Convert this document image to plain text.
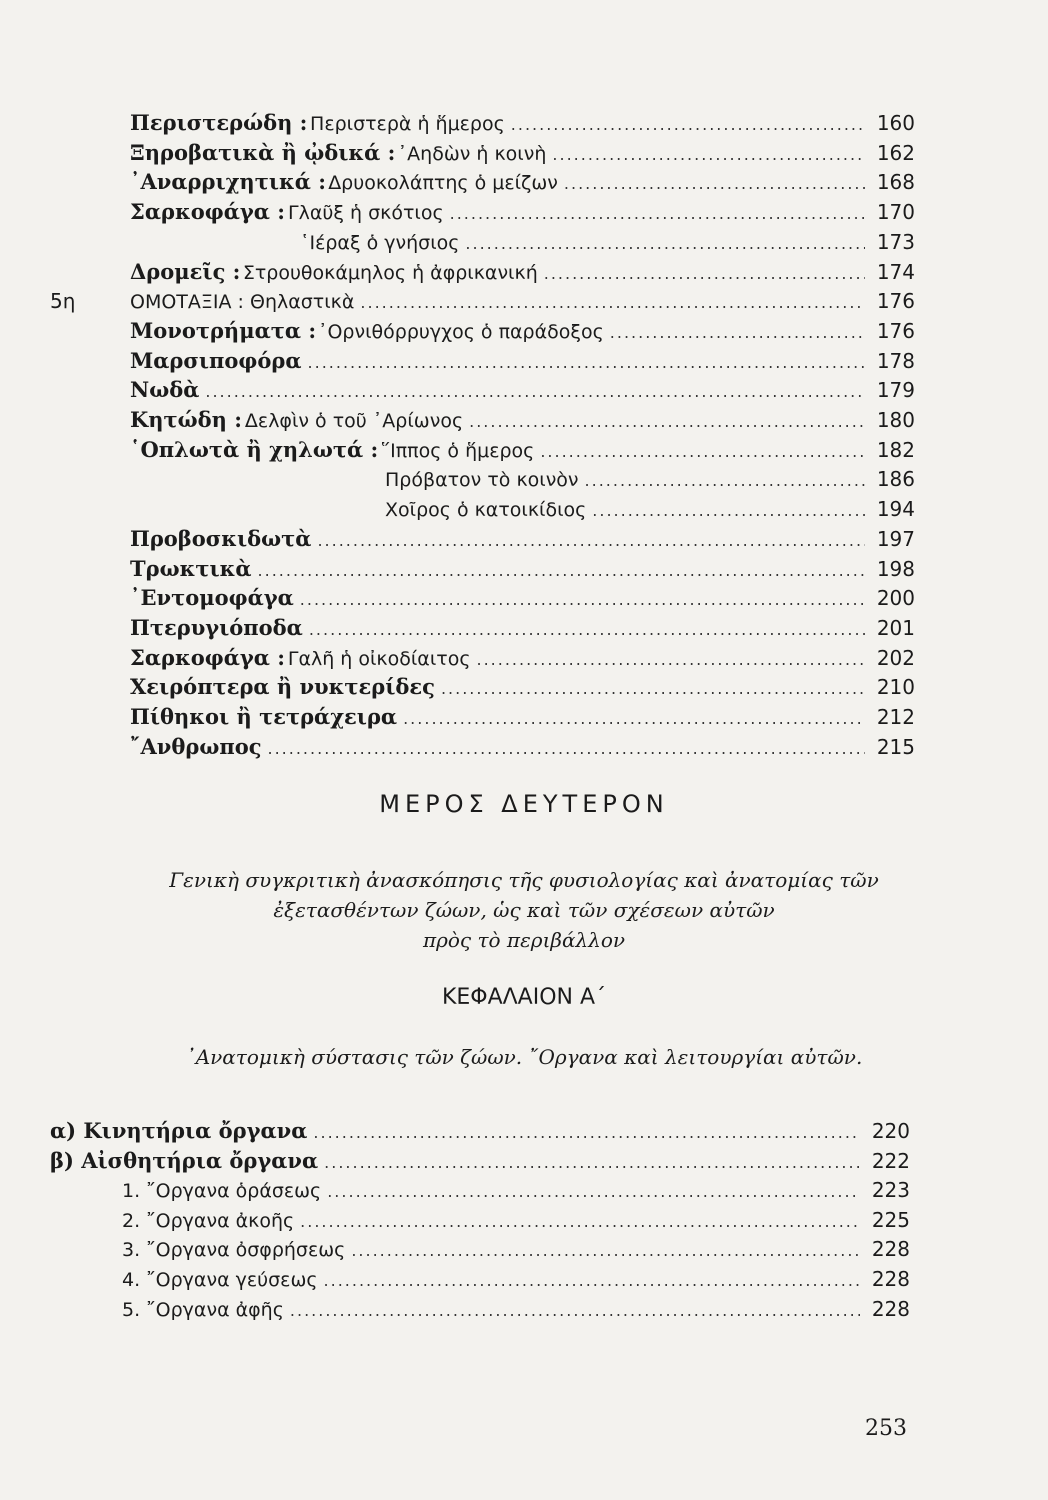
Περιστερώδη : Περιστερὰ ἡ ἥμερος .....	160
Ξηροβατικὰ ἢ ᾠδικά : ᾿Αηδὼν ἡ κοινὴ .....	162
᾿Αναρριχητικά : Δρυοκολάπτης ὁ μείζων .....	168
Σαρκοφάγα : Γλαῦξ ἡ σκότιος .....	170
῾Ιέραξ ὁ γνήσιος .....	173
Δρομεῖς : Στρουθοκάμηλος ἡ ἀφρικανική .....	174
5η	ΟΜΟΤΑΞΙΑ : Θηλαστικὰ .....	176
Μονοτρήματα : ᾿Ορνιθόρρυγχος ὁ παράδοξος .....	176
Μαρσιποφόρα .....	178
Νωδὰ .....	179
Κητώδη : Δελφὶν ὁ τοῦ ᾿Αρίωνος .....	180
῾Οπλωτὰ ἢ χηλωτά : ῞Ιππος ὁ ἥμερος .....	182
Πρόβατον τὸ κοινὸν .....	186
Χοῖρος ὁ κατοικίδιος .....	194
Προβοσκιδωτὰ .....	197
Τρωκτικὰ .....	198
᾿Εντομοφάγα .....	200
Πτερυγιόποδα .....	201
Σαρκοφάγα : Γαλῆ ἡ οἰκοδίαιτος .....	202
Χειρόπτερα ἢ νυκτερίδες .....	210
Πίθηκοι ἢ τετράχειρα .....	212
῎Ανθρωπος .....	215
ΜΕΡΟΣ ΔΕΥΤΕΡΟΝ
Γενικὴ συγκριτικὴ ἀνασκόπησις τῆς φυσιολογίας καὶ ἀνατομίας τῶν
ἐξετασθέντων ζώων, ὡς καὶ τῶν σχέσεων αὐτῶν
πρὸς τὸ περιβάλλον
ΚΕΦΑΛΑΙΟΝ Α΄
᾿Ανατομικὴ σύστασις τῶν ζώων. ῎Οργανα καὶ λειτουργίαι αὐτῶν.
α) Κινητήρια ὄργανα .....	220
β) Αἰσθητήρια ὄργανα .....	222
1. ῎Οργανα ὁράσεως .....	223
2. ῎Οργανα ἀκοῆς .....	225
3. ῎Οργανα ὀσφρήσεως .....	228
4. ῎Οργανα γεύσεως .....	228
5. ῎Οργανα ἀφῆς .....	228
253
